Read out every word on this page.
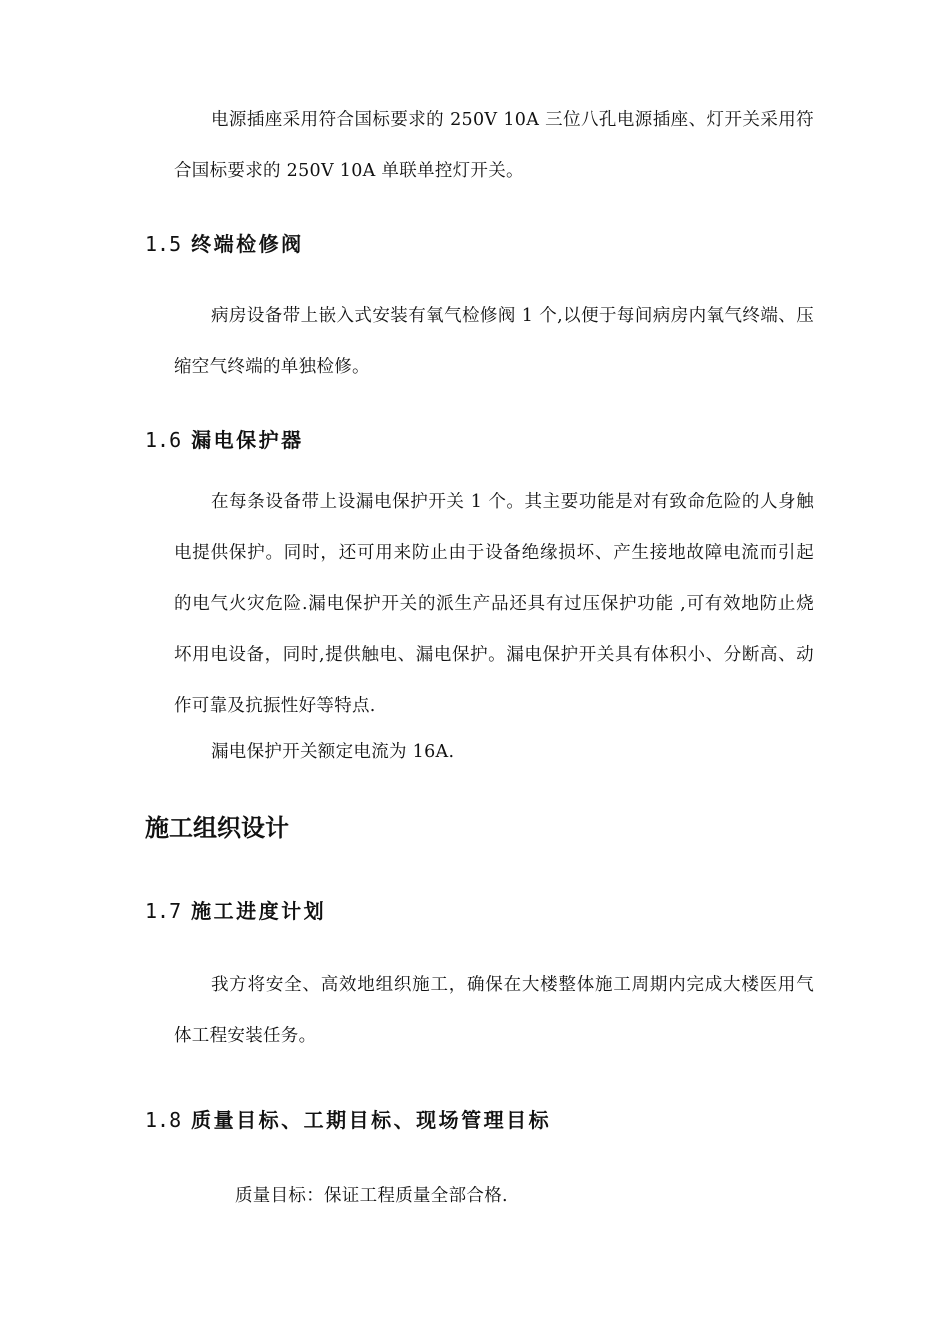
电源插座采用符合国标要求的 250V 10A 三位八孔电源插座、灯开关采用符合国标要求的 250V 10A 单联单控灯开关。

1.5 终端检修阀

病房设备带上嵌入式安装有氧气检修阀 1 个,以便于每间病房内氧气终端、压缩空气终端的单独检修。

1.6 漏电保护器

在每条设备带上设漏电保护开关 1 个。其主要功能是对有致命危险的人身触电提供保护。同时，还可用来防止由于设备绝缘损坏、产生接地故障电流而引起的电气火灾危险.漏电保护开关的派生产品还具有过压保护功能 ,可有效地防止烧坏用电设备，同时,提供触电、漏电保护。漏电保护开关具有体积小、分断高、动作可靠及抗振性好等特点.

漏电保护开关额定电流为 16A.

施工组织设计
1.7 施工进度计划

我方将安全、高效地组织施工，确保在大楼整体施工周期内完成大楼医用气体工程安装任务。

1.8 质量目标、工期目标、现场管理目标

质量目标：保证工程质量全部合格.
